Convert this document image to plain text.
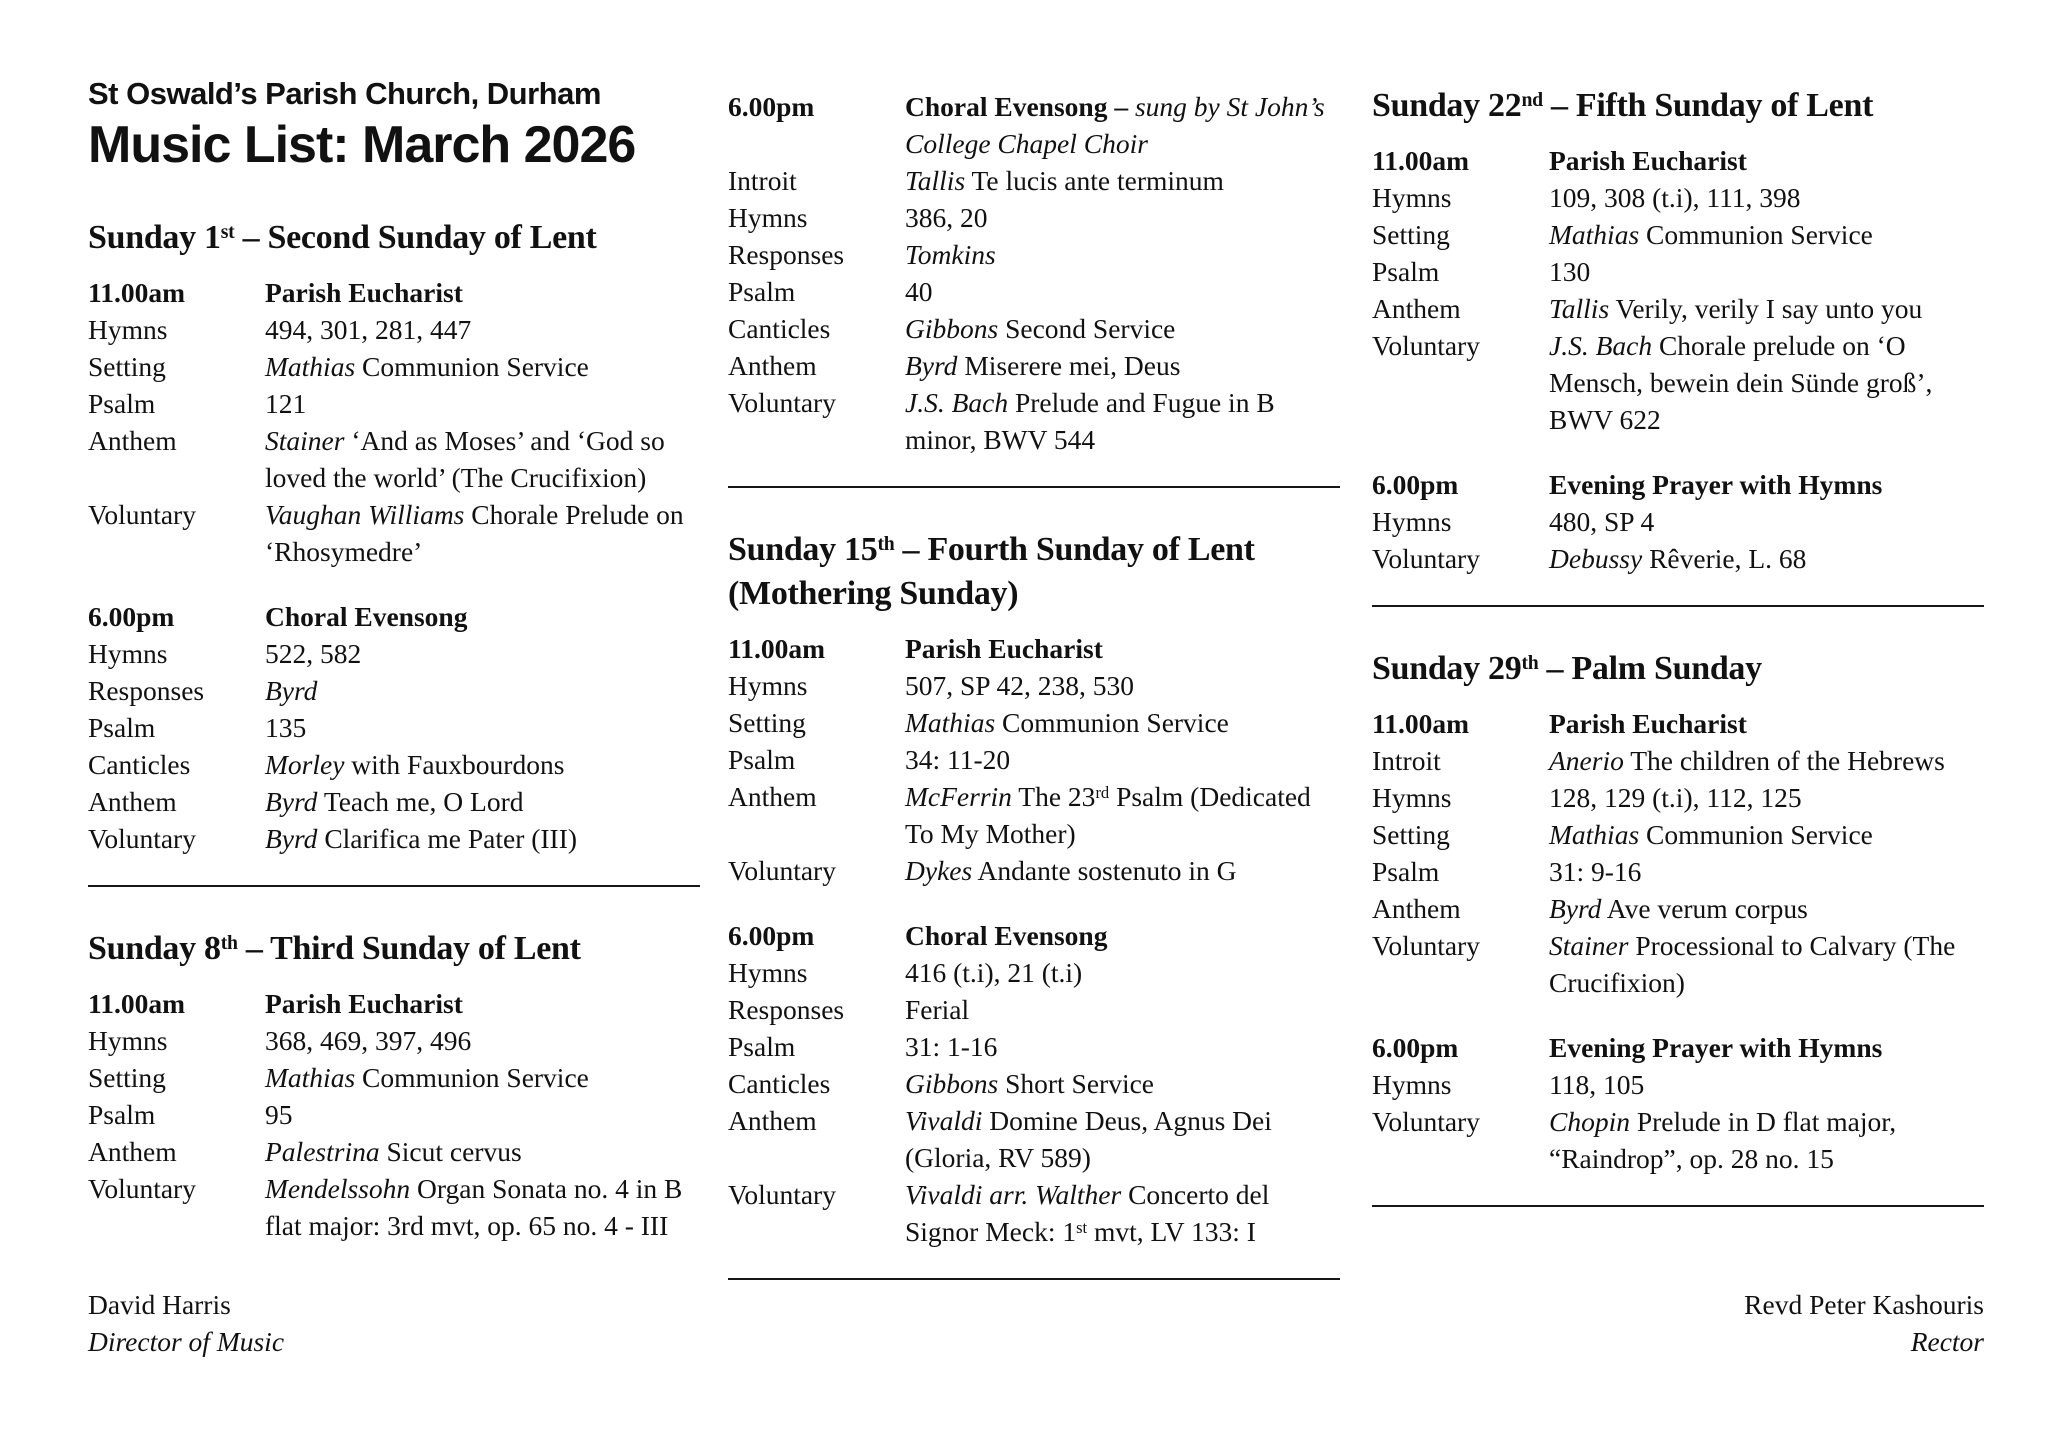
St Oswald’s Parish Church, Durham
Music List: March 2026
Sunday 1st – Second Sunday of Lent
11.00am	Parish Eucharist
Hymns	494, 301, 281, 447
Setting	Mathias Communion Service
Psalm	121
Anthem	Stainer ‘And as Moses’ and ‘God so loved the world’ (The Crucifixion)
Voluntary	Vaughan Williams Chorale Prelude on ‘Rhosymedre’
6.00pm	Choral Evensong
Hymns	522, 582
Responses	Byrd
Psalm	135
Canticles	Morley with Fauxbourdons
Anthem	Byrd Teach me, O Lord
Voluntary	Byrd Clarifica me Pater (III)
Sunday 8th – Third Sunday of Lent
11.00am	Parish Eucharist
Hymns	368, 469, 397, 496
Setting	Mathias Communion Service
Psalm	95
Anthem	Palestrina Sicut cervus
Voluntary	Mendelssohn Organ Sonata no. 4 in B flat major: 3rd mvt, op. 65 no. 4 - III
6.00pm	Choral Evensong – sung by St John’s College Chapel Choir
Introit	Tallis Te lucis ante terminum
Hymns	386, 20
Responses	Tomkins
Psalm	40
Canticles	Gibbons Second Service
Anthem	Byrd Miserere mei, Deus
Voluntary	J.S. Bach Prelude and Fugue in B minor, BWV 544
Sunday 15th – Fourth Sunday of Lent (Mothering Sunday)
11.00am	Parish Eucharist
Hymns	507, SP 42, 238, 530
Setting	Mathias Communion Service
Psalm	34: 11-20
Anthem	McFerrin The 23rd Psalm (Dedicated To My Mother)
Voluntary	Dykes Andante sostenuto in G
6.00pm	Choral Evensong
Hymns	416 (t.i), 21 (t.i)
Responses	Ferial
Psalm	31: 1-16
Canticles	Gibbons Short Service
Anthem	Vivaldi Domine Deus, Agnus Dei (Gloria, RV 589)
Voluntary	Vivaldi arr. Walther Concerto del Signor Meck: 1st mvt, LV 133: I
Sunday 22nd – Fifth Sunday of Lent
11.00am	Parish Eucharist
Hymns	109, 308 (t.i), 111, 398
Setting	Mathias Communion Service
Psalm	130
Anthem	Tallis Verily, verily I say unto you
Voluntary	J.S. Bach Chorale prelude on ‘O Mensch, bewein dein Sünde groß’, BWV 622
6.00pm	Evening Prayer with Hymns
Hymns	480, SP 4
Voluntary	Debussy Rêverie, L. 68
Sunday 29th – Palm Sunday
11.00am	Parish Eucharist
Introit	Anerio The children of the Hebrews
Hymns	128, 129 (t.i), 112, 125
Setting	Mathias Communion Service
Psalm	31: 9-16
Anthem	Byrd Ave verum corpus
Voluntary	Stainer Processional to Calvary (The Crucifixion)
6.00pm	Evening Prayer with Hymns
Hymns	118, 105
Voluntary	Chopin Prelude in D flat major, “Raindrop”, op. 28 no. 15
David Harris
Director of Music
Revd Peter Kashouris
Rector
